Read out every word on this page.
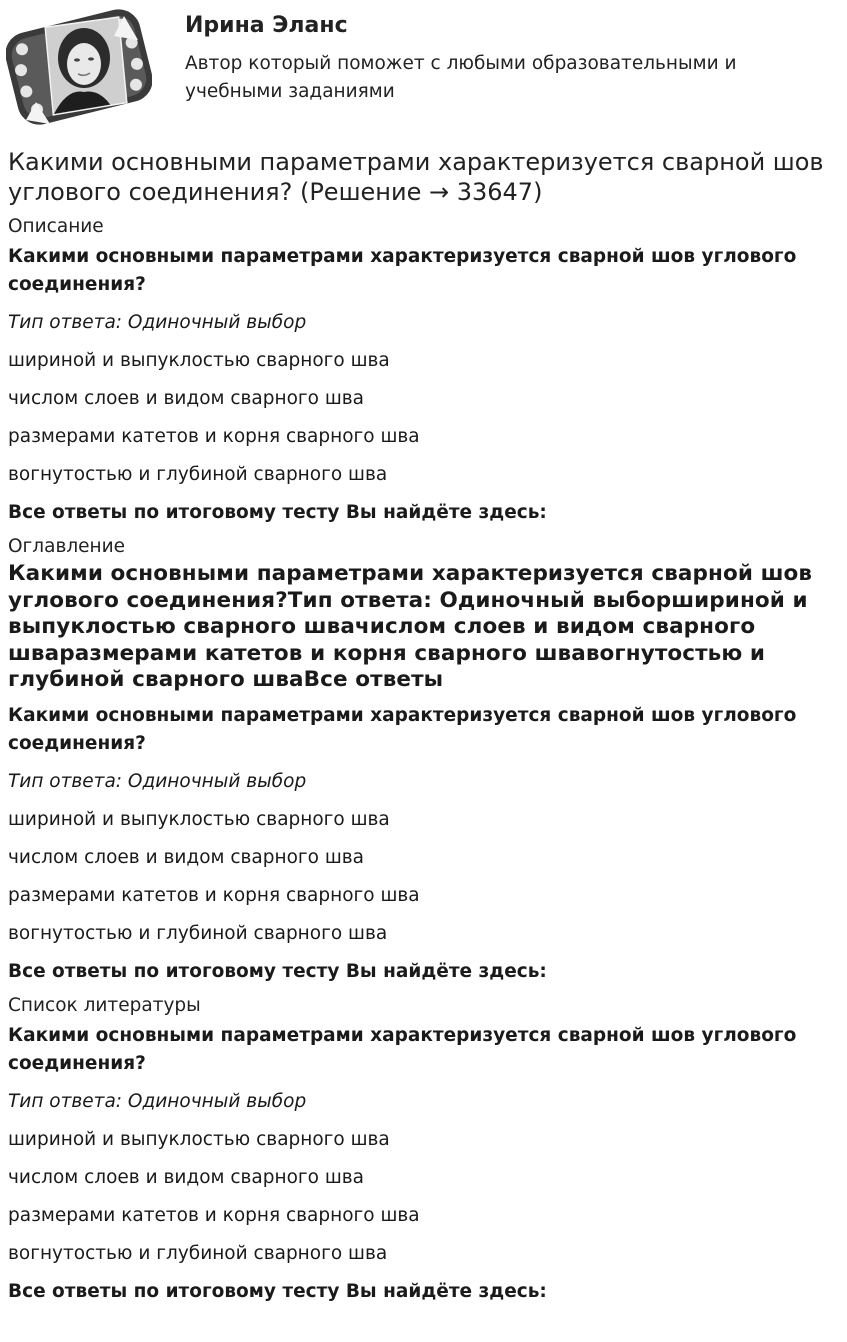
Ирина Эланс
Автор который поможет с любыми образовательными и учебными заданиями
Какими основными параметрами характеризуется сварной шов углового соединения? (Решение → 33647)
Описание
Какими основными параметрами характеризуется сварной шов углового соединения?
Тип ответа: Одиночный выбор
шириной и выпуклостью сварного шва
числом слоев и видом сварного шва
размерами катетов и корня сварного шва
вогнутостью и глубиной сварного шва
Все ответы по итоговому тесту Вы найдёте здесь:
Оглавление
Какими основными параметрами характеризуется сварной шов углового соединения?Тип ответа: Одиночный выборшириной и выпуклостью сварного швачислом слоев и видом сварного шваразмерами катетов и корня сварного швавогнутостью и глубиной сварного шваВсе ответы
Какими основными параметрами характеризуется сварной шов углового соединения?
Тип ответа: Одиночный выбор
шириной и выпуклостью сварного шва
числом слоев и видом сварного шва
размерами катетов и корня сварного шва
вогнутостью и глубиной сварного шва
Все ответы по итоговому тесту Вы найдёте здесь:
Список литературы
Какими основными параметрами характеризуется сварной шов углового соединения?
Тип ответа: Одиночный выбор
шириной и выпуклостью сварного шва
числом слоев и видом сварного шва
размерами катетов и корня сварного шва
вогнутостью и глубиной сварного шва
Все ответы по итоговому тесту Вы найдёте здесь:
